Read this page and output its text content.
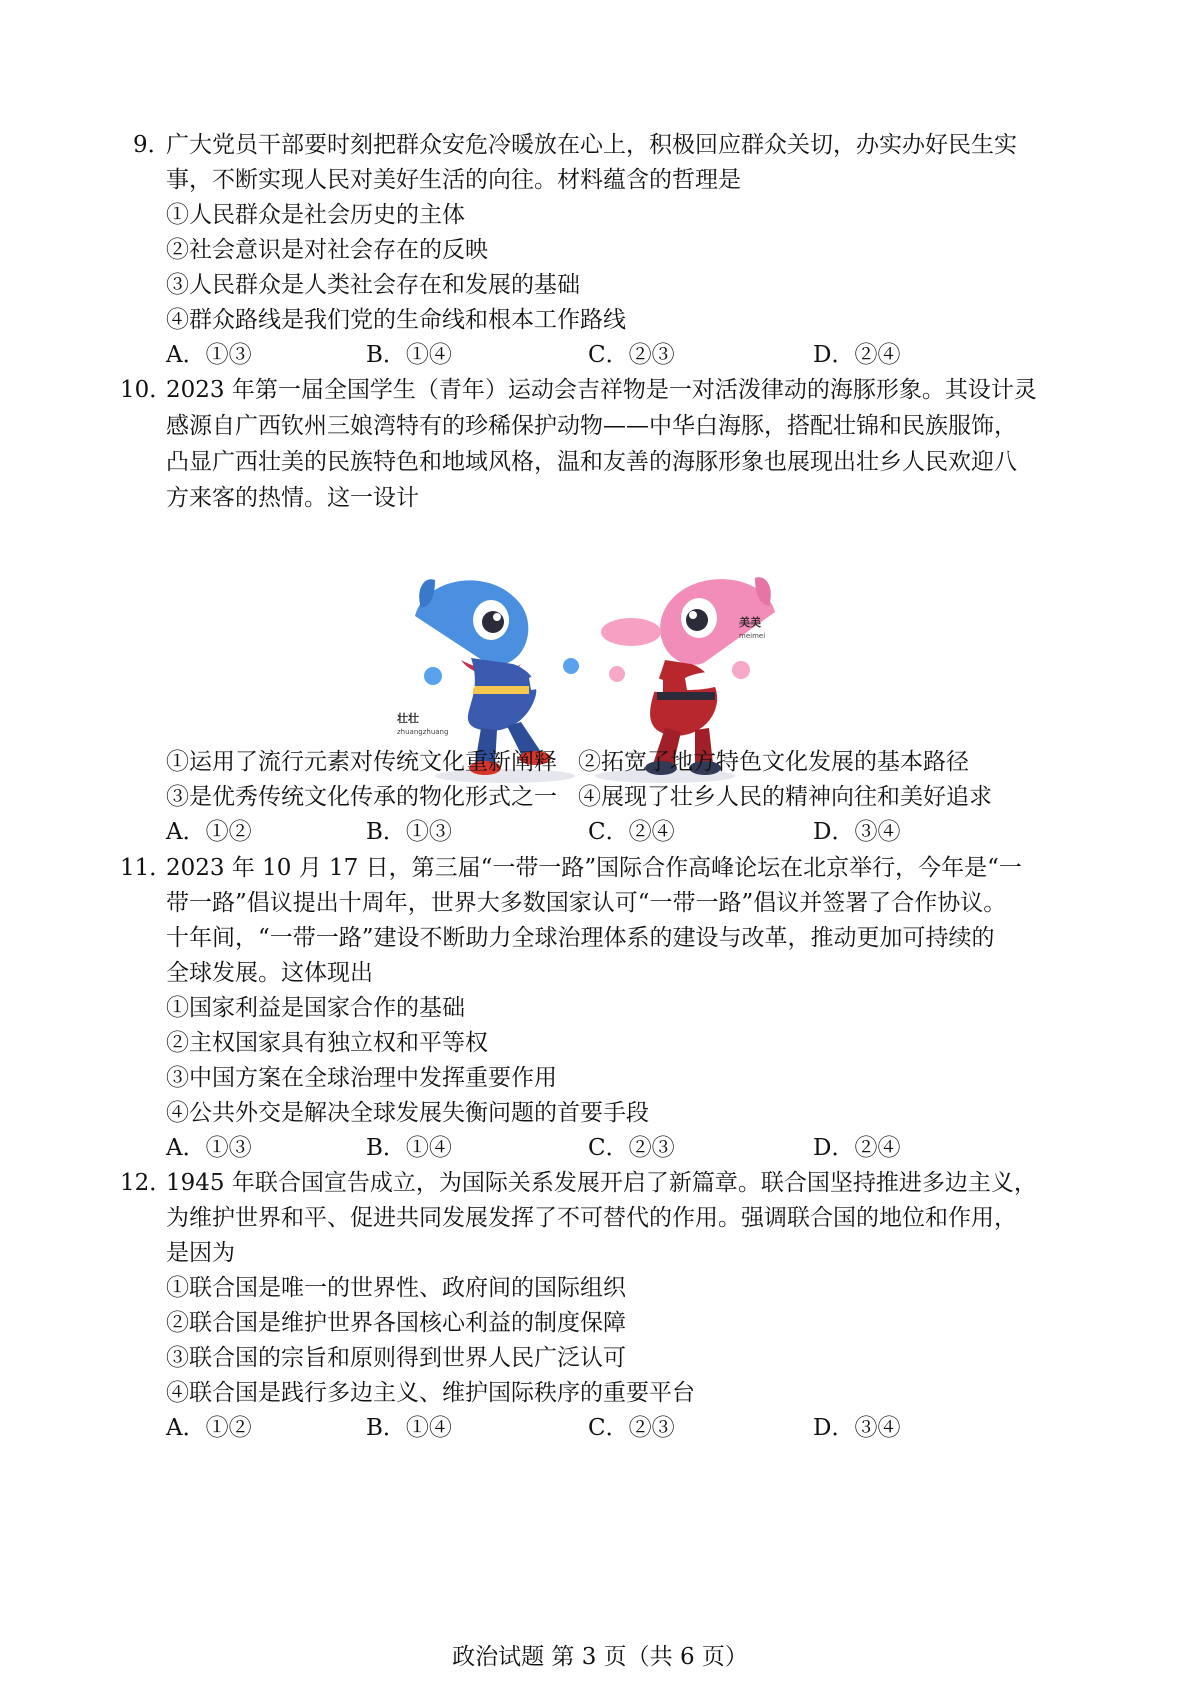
9．
广大党员干部要时刻把群众安危冷暖放在心上，积极回应群众关切，办实办好民生实
事，不断实现人民对美好生活的向往。材料蕴含的哲理是
①人民群众是社会历史的主体
②社会意识是对社会存在的反映
③人民群众是人类社会存在和发展的基础
④群众路线是我们党的生命线和根本工作路线
A．①③	B．①④	C．②③	D．②④
10．
2023 年第一届全国学生（青年）运动会吉祥物是一对活泼律动的海豚形象。其设计灵
感源自广西钦州三娘湾特有的珍稀保护动物——中华白海豚，搭配壮锦和民族服饰，
凸显广西壮美的民族特色和地域风格，温和友善的海豚形象也展现出壮乡人民欢迎八
方来客的热情。这一设计
壮壮
zhuangzhuang
美美
meimei
①运用了流行元素对传统文化重新阐释 ②拓宽了地方特色文化发展的基本路径
③是优秀传统文化传承的物化形式之一 ④展现了壮乡人民的精神向往和美好追求
A．①②	B．①③	C．②④	D．③④
11．
2023 年 10 月 17 日，第三届“一带一路”国际合作高峰论坛在北京举行，今年是“一
带一路”倡议提出十周年，世界大多数国家认可“一带一路”倡议并签署了合作协议。
十年间，“一带一路”建设不断助力全球治理体系的建设与改革，推动更加可持续的
全球发展。这体现出
①国家利益是国家合作的基础
②主权国家具有独立权和平等权
③中国方案在全球治理中发挥重要作用
④公共外交是解决全球发展失衡问题的首要手段
A．①③	B．①④	C．②③	D．②④
12．
1945 年联合国宣告成立，为国际关系发展开启了新篇章。联合国坚持推进多边主义，
为维护世界和平、促进共同发展发挥了不可替代的作用。强调联合国的地位和作用，
是因为
①联合国是唯一的世界性、政府间的国际组织
②联合国是维护世界各国核心利益的制度保障
③联合国的宗旨和原则得到世界人民广泛认可
④联合国是践行多边主义、维护国际秩序的重要平台
A．①②	B．①④	C．②③	D．③④
政治试题 第 3 页（共 6 页）
